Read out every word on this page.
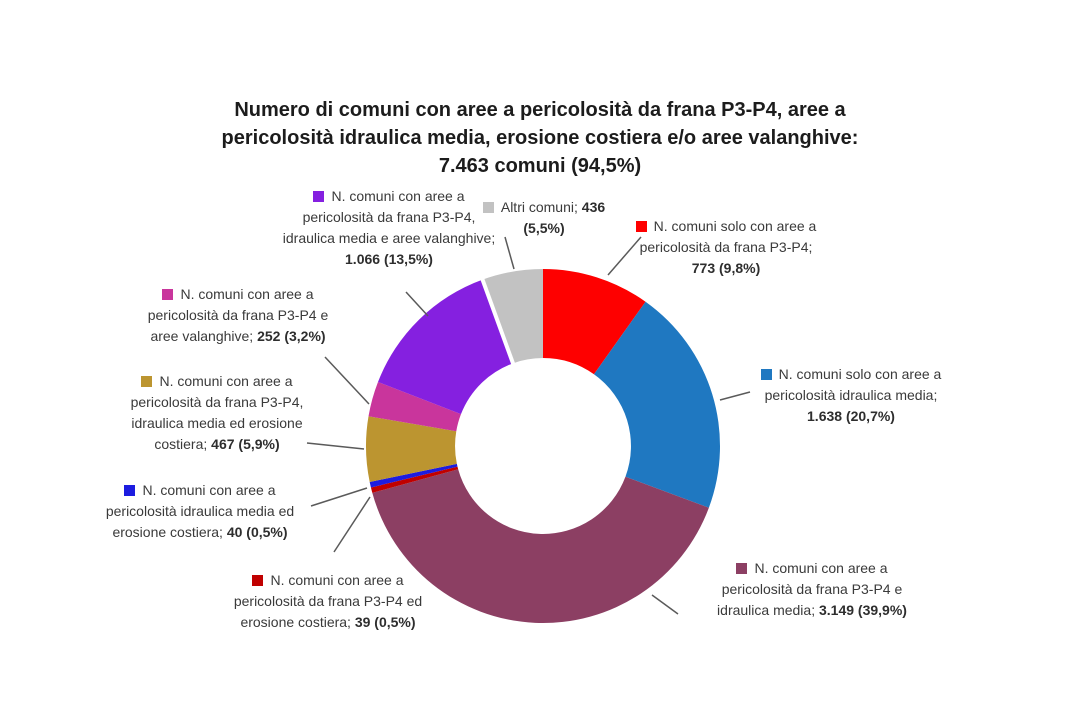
Numero di comuni con aree a pericolosità da frana P3-P4, aree a pericolosità idraulica media, erosione costiera e/o aree valanghive: 7.463 comuni (94,5%)
N. comuni solo con aree a pericolosità da frana P3-P4; 773 (9,8%)
N. comuni solo con aree a pericolosità idraulica media; 1.638 (20,7%)
N. comuni con aree a pericolosità da frana P3-P4 e idraulica media; 3.149 (39,9%)
N. comuni con aree a pericolosità da frana P3-P4 ed erosione costiera; 39 (0,5%)
N. comuni con aree a pericolosità idraulica media ed erosione costiera; 40 (0,5%)
N. comuni con aree a pericolosità da frana P3-P4, idraulica media ed erosione costiera; 467 (5,9%)
N. comuni con aree a pericolosità da frana P3-P4 e aree valanghive; 252 (3,2%)
N. comuni con aree a pericolosità da frana P3-P4, idraulica media e aree valanghive; 1.066 (13,5%)
Altri comuni; 436 (5,5%)
